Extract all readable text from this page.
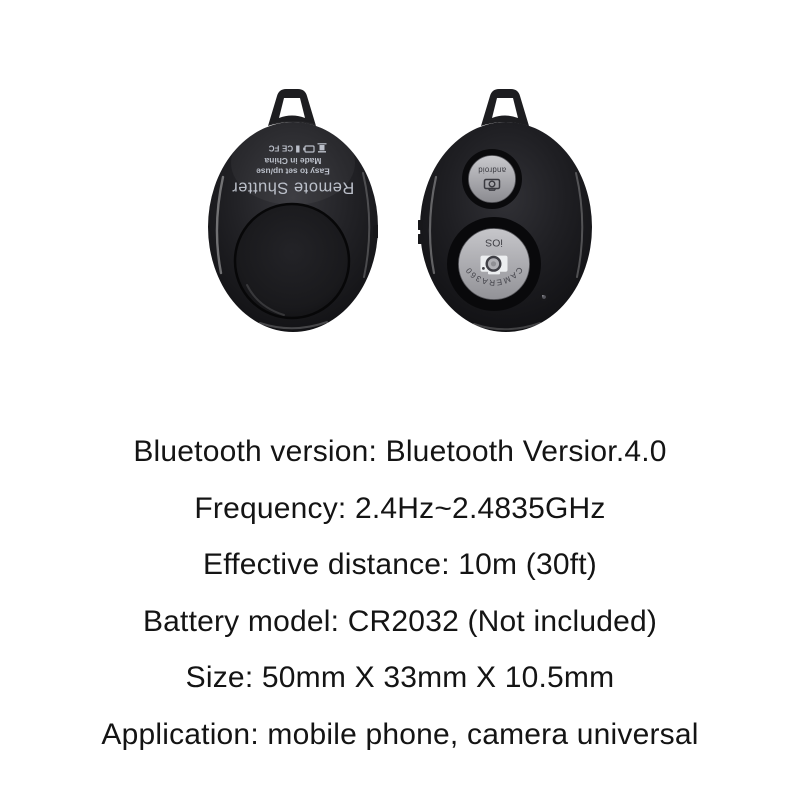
CE
FC
Made in China
Easy to set up/use
Remote Shutter
android
CAMERA360
iOS

Bluetooth version: Bluetooth Versior.4.0

Frequency: 2.4Hz~2.4835GHz

Effective distance: 10m (30ft)

Battery model: CR2032 (Not included)

Size: 50mm X 33mm X 10.5mm

Application: mobile phone, camera universal
